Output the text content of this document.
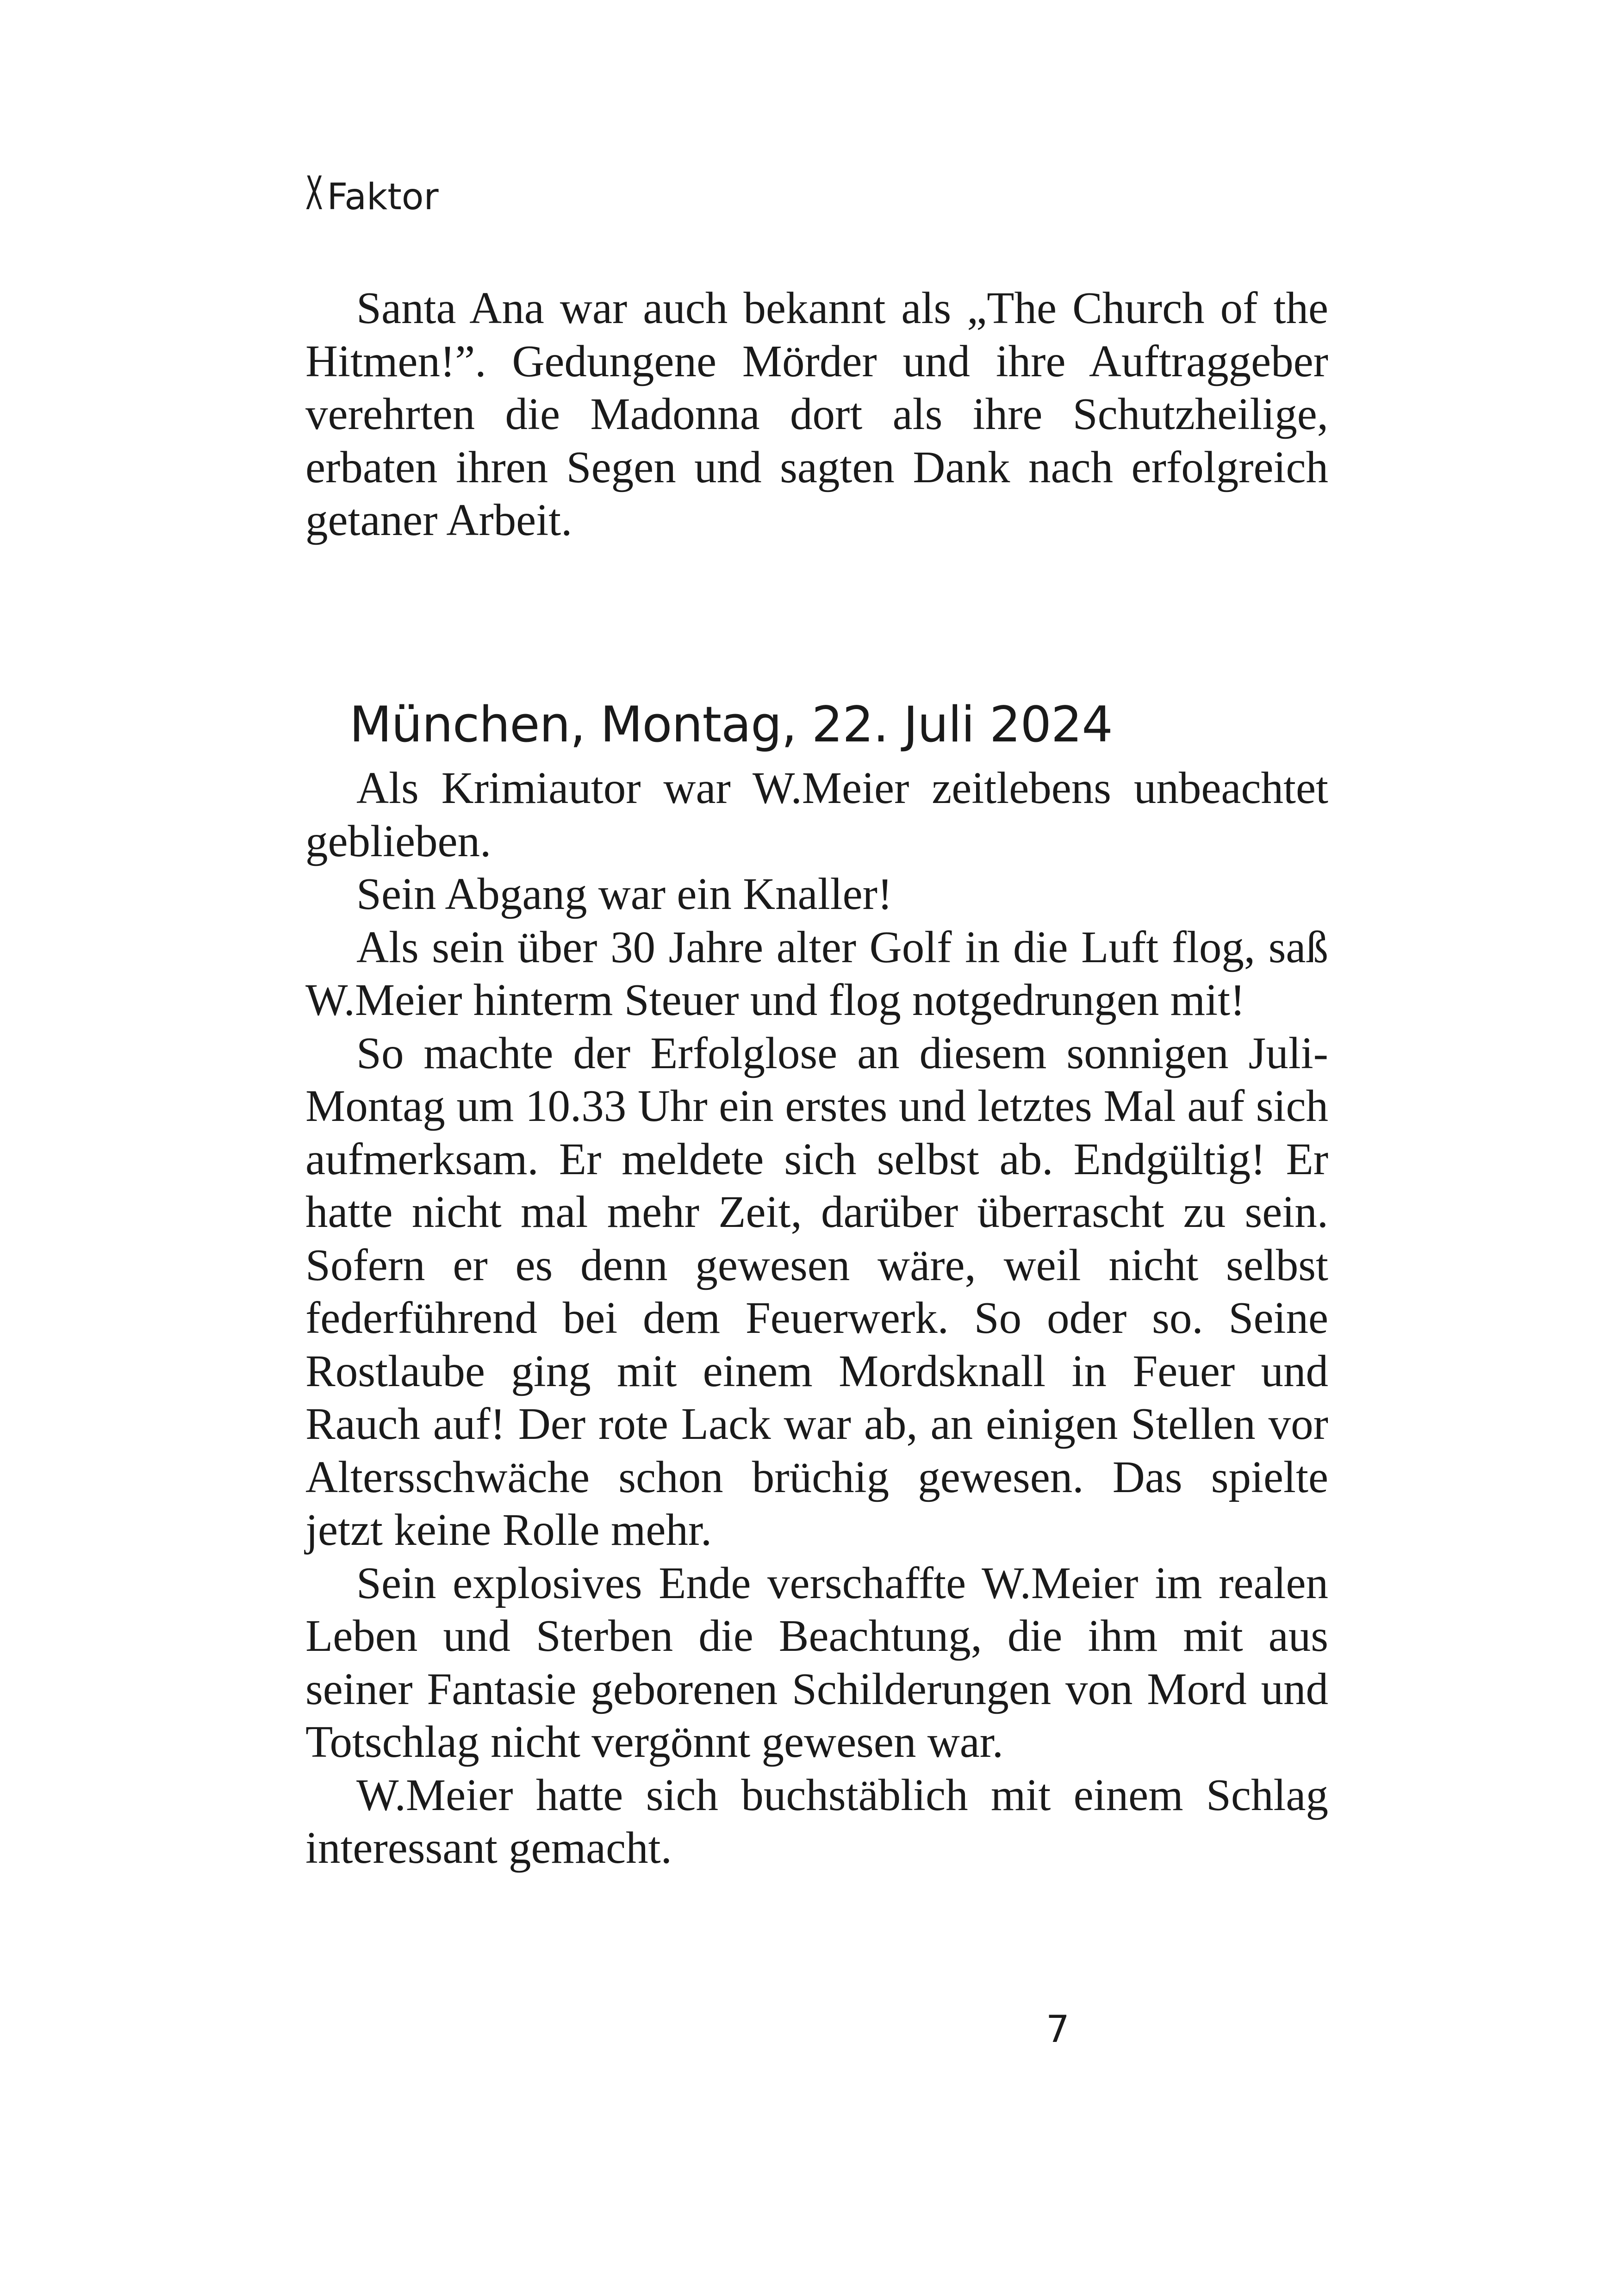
X Faktor

Santa Ana war auch bekannt als „The Church of the Hitmen!”. Gedungene Mörder und ihre Auftraggeber verehrten die Madonna dort als ihre Schutzheilige, erbaten ihren Segen und sagten Dank nach erfolgreich getaner Arbeit.

München, Montag, 22. Juli 2024

Als Krimiautor war W.Meier zeitlebens unbeachtet geblieben.

Sein Abgang war ein Knaller!

Als sein über 30 Jahre alter Golf in die Luft flog, saß W.Meier hinterm Steuer und flog notgedrungen mit!

So machte der Erfolglose an diesem sonnigen Juli-Montag um 10.33 Uhr ein erstes und letztes Mal auf sich aufmerksam. Er meldete sich selbst ab. Endgültig! Er hatte nicht mal mehr Zeit, darüber überrascht zu sein. Sofern er es denn gewesen wäre, weil nicht selbst federführend bei dem Feuerwerk. So oder so. Seine Rostlaube ging mit einem Mordsknall in Feuer und Rauch auf! Der rote Lack war ab, an einigen Stellen vor Altersschwäche schon brüchig gewesen. Das spielte jetzt keine Rolle mehr.

Sein explosives Ende verschaffte W.Meier im realen Leben und Sterben die Beachtung, die ihm mit aus seiner Fantasie geborenen Schilderungen von Mord und Totschlag nicht vergönnt gewesen war.

W.Meier hatte sich buchstäblich mit einem Schlag interessant gemacht.

7
